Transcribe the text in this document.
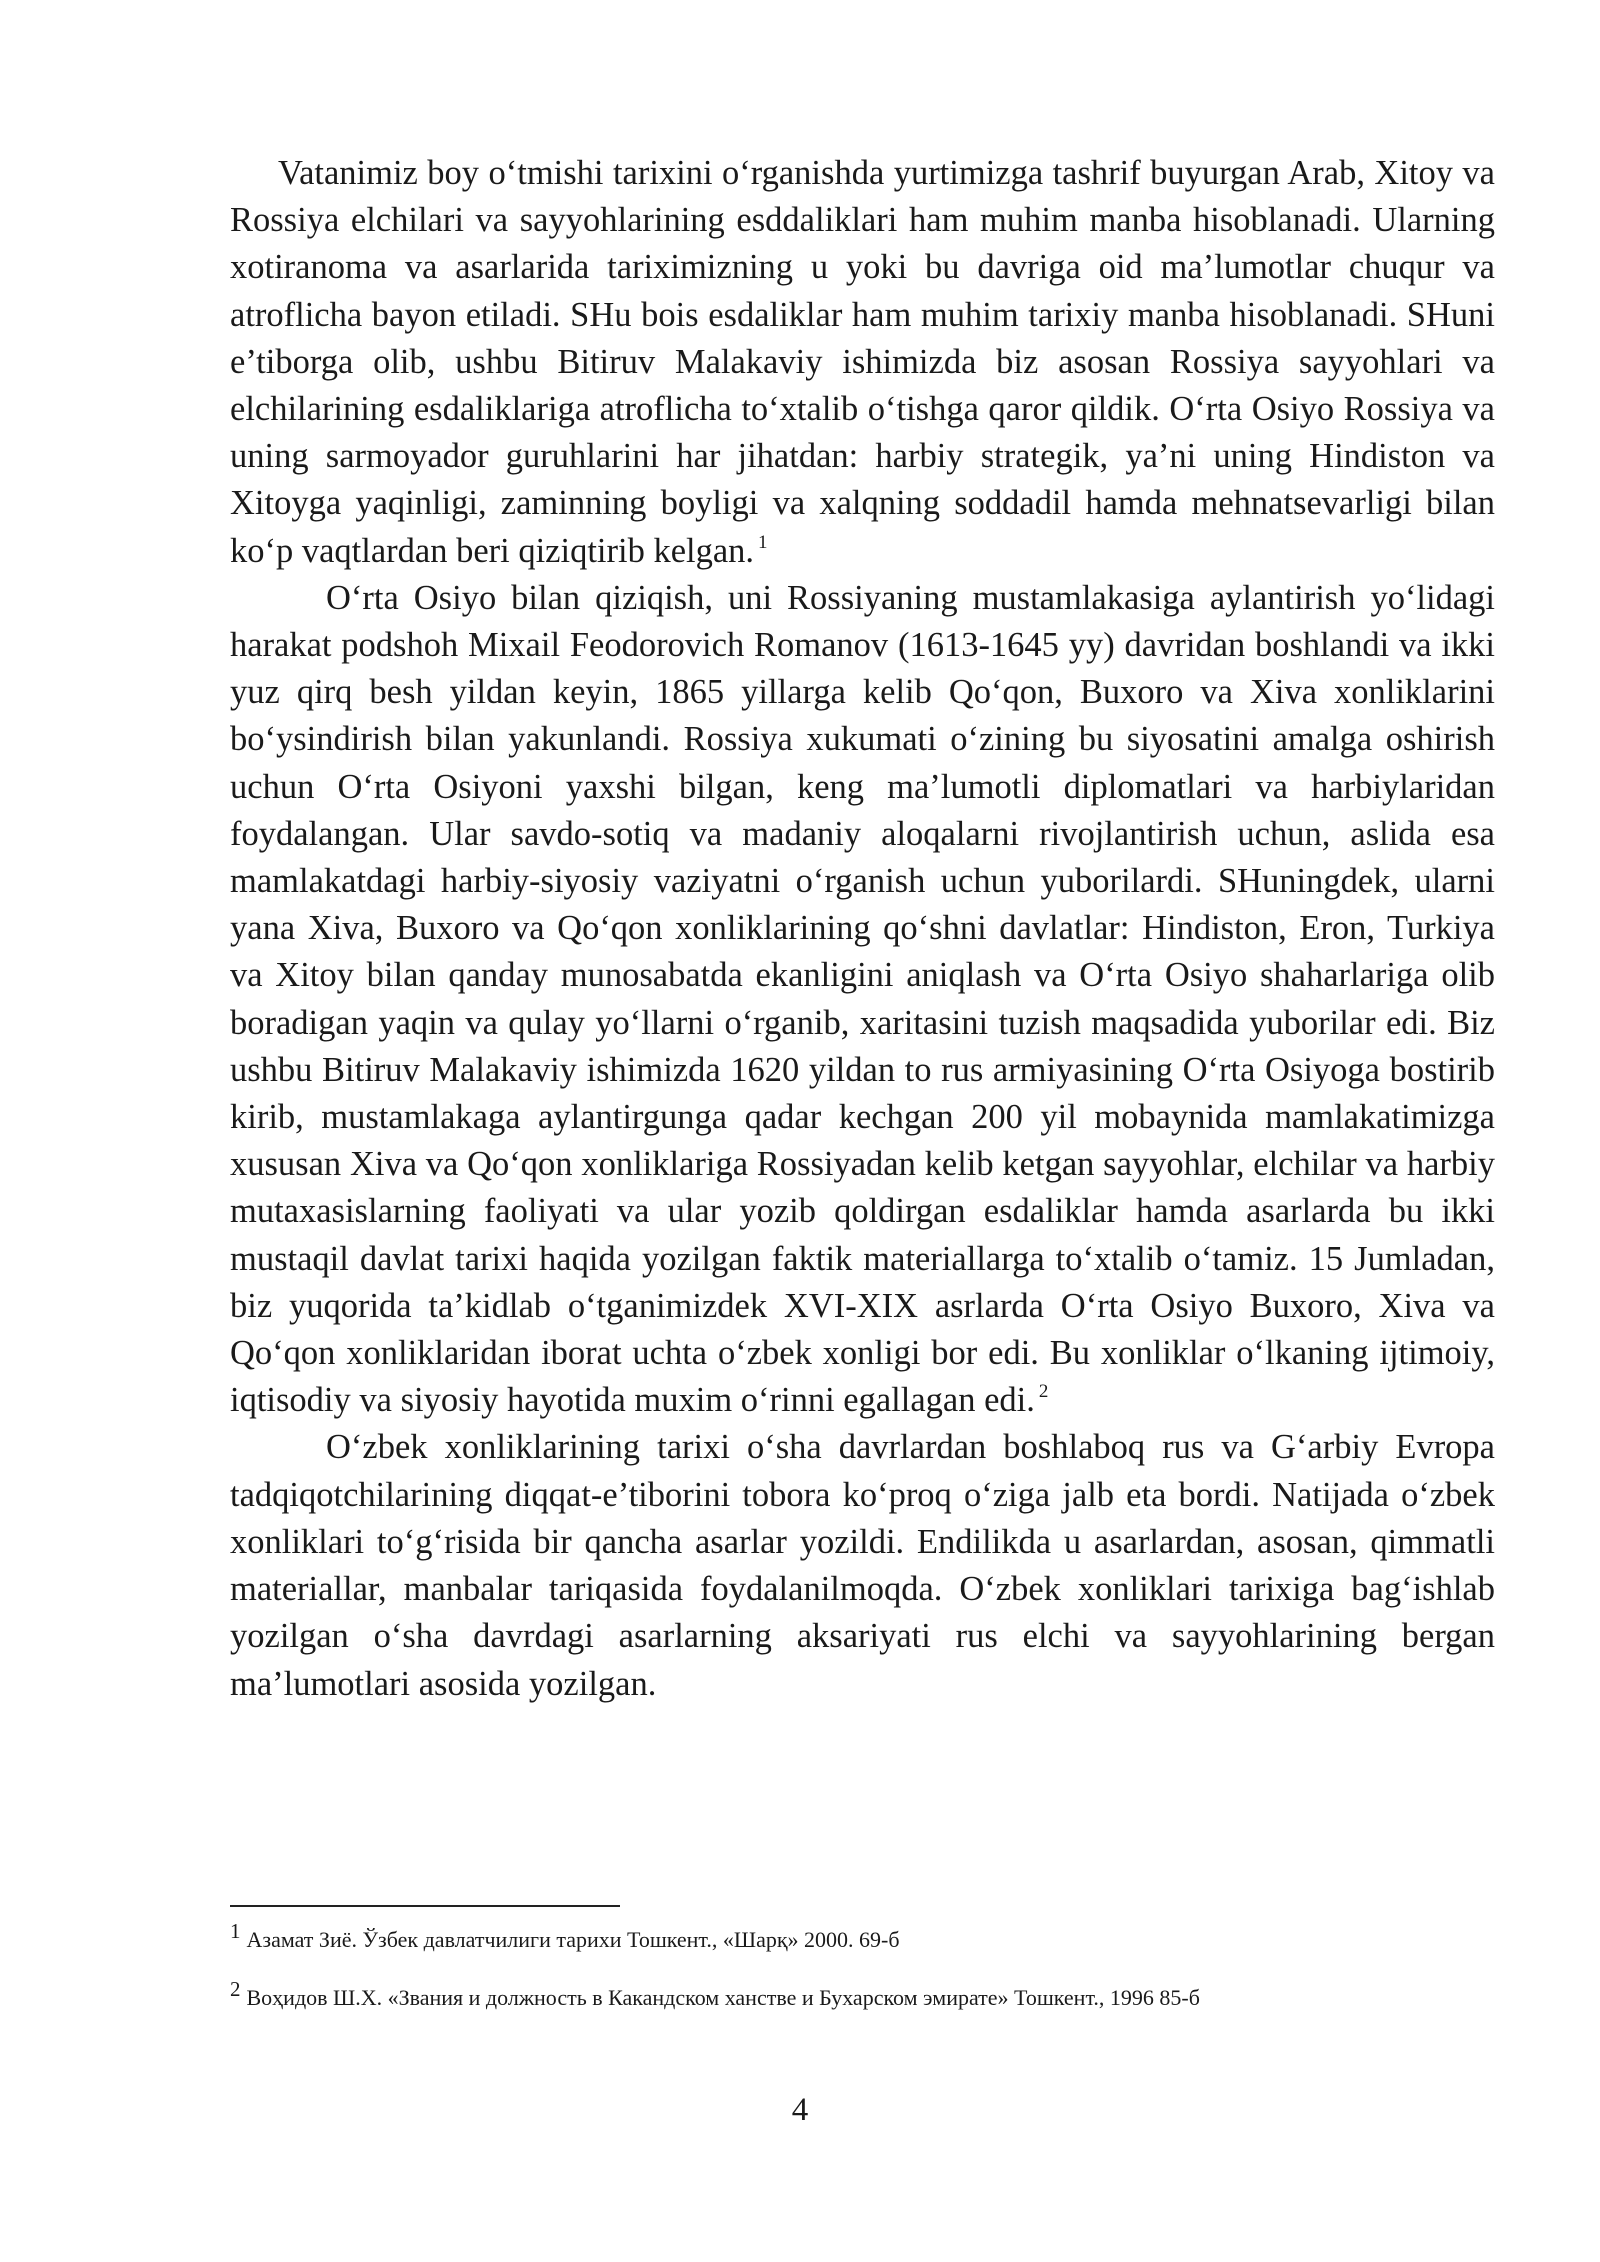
Vatanimiz boy o‘tmishi tarixini o‘rganishda yurtimizga tashrif buyurgan Arab, Xitoy va Rossiya elchilari va sayyohlarining esddaliklari ham muhim manba hisoblanadi. Ularning xotiranoma va asarlarida tariximizning u yoki bu davriga oid ma’lumotlar chuqur va atroflicha bayon etiladi. SHu bois esdaliklar ham muhim tarixiy manba hisoblanadi. SHuni e’tiborga olib, ushbu Bitiruv Malakaviy ishimizda biz asosan Rossiya sayyohlari va elchilarining esdaliklariga atroflicha to‘xtalib o‘tishga qaror qildik. O‘rta Osiyo Rossiya va uning sarmoyador guruhlarini har jihatdan: harbiy strategik, ya’ni uning Hindiston va Xitoyga yaqinligi, zaminning boyligi va xalqning soddadil hamda mehnatsevarligi bilan ko‘p vaqtlardan beri qiziqtirib kelgan. $^1$

O‘rta Osiyo bilan qiziqish, uni Rossiyaning mustamlakasiga aylantirish yo‘lidagi harakat podshoh Mixail Feodorovich Romanov (1613-1645 yy) davridan boshlandi va ikki yuz qirq besh yildan keyin, 1865 yillarga kelib Qo‘qon, Buxoro va Xiva xonliklarini bo‘ysindirish bilan yakunlandi. Rossiya xukumati o‘zining bu siyosatini amalga oshirish uchun O‘rta Osiyoni yaxshi bilgan, keng ma’lumotli diplomatlari va harbiylaridan foydalangan. Ular savdo-sotiq va madaniy aloqalarni rivojlantirish uchun, aslida esa mamlakatdagi harbiy-siyosiy vaziyatni o‘rganish uchun yuborilardi. SHuningdek, ularni yana Xiva, Buxoro va Qo‘qon xonliklarining qo‘shni davlatlar: Hindiston, Eron, Turkiya va Xitoy bilan qanday munosabatda ekanligini aniqlash va O‘rta Osiyo shaharlariga olib boradigan yaqin va qulay yo‘llarni o‘rganib, xaritasini tuzish maqsadida yuborilar edi. Biz ushbu Bitiruv Malakaviy ishimizda 1620 yildan to rus armiyasining O‘rta Osiyoga bostirib kirib, mustamlakaga aylantirgunga qadar kechgan 200 yil mobaynida mamlakatimizga xususan Xiva va Qo‘qon xonliklariga Rossiyadan kelib ketgan sayyohlar, elchilar va harbiy mutaxasislarning faoliyati va ular yozib qoldirgan esdaliklar hamda asarlarda bu ikki mustaqil davlat tarixi haqida yozilgan faktik materiallarga to‘xtalib o‘tamiz. 15 Jumladan, biz yuqorida ta’kidlab o‘tganimizdek XVI-XIX asrlarda O‘rta Osiyo Buxoro, Xiva va Qo‘qon xonliklaridan iborat uchta o‘zbek xonligi bor edi. Bu xonliklar o‘lkaning ijtimoiy, iqtisodiy va siyosiy hayotida muxim o‘rinni egallagan edi. $^2$

O‘zbek xonliklarining tarixi o‘sha davrlardan boshlaboq rus va G‘arbiy Evropa tadqiqotchilarining diqqat-e’tiborini tobora ko‘proq o‘ziga jalb eta bordi. Natijada o‘zbek xonliklari to‘g‘risida bir qancha asarlar yozildi. Endilikda u asarlardan, asosan, qimmatli materiallar, manbalar tariqasida foydalanilmoqda. O‘zbek xonliklari tarixiga bag‘ishlab yozilgan o‘sha davrdagi asarlarning aksariyati rus elchi va sayyohlarining bergan ma’lumotlari asosida yozilgan.

$^1$ Азамат Зиё. Ўзбек давлатчилиги тарихи Тошкент., «Шарқ» 2000. 69-б
$^2$ Воҳидов Ш.Х. «Звания и должность в Какандском ханстве и Бухарском эмирате» Тошкент., 1996 85-б
4
